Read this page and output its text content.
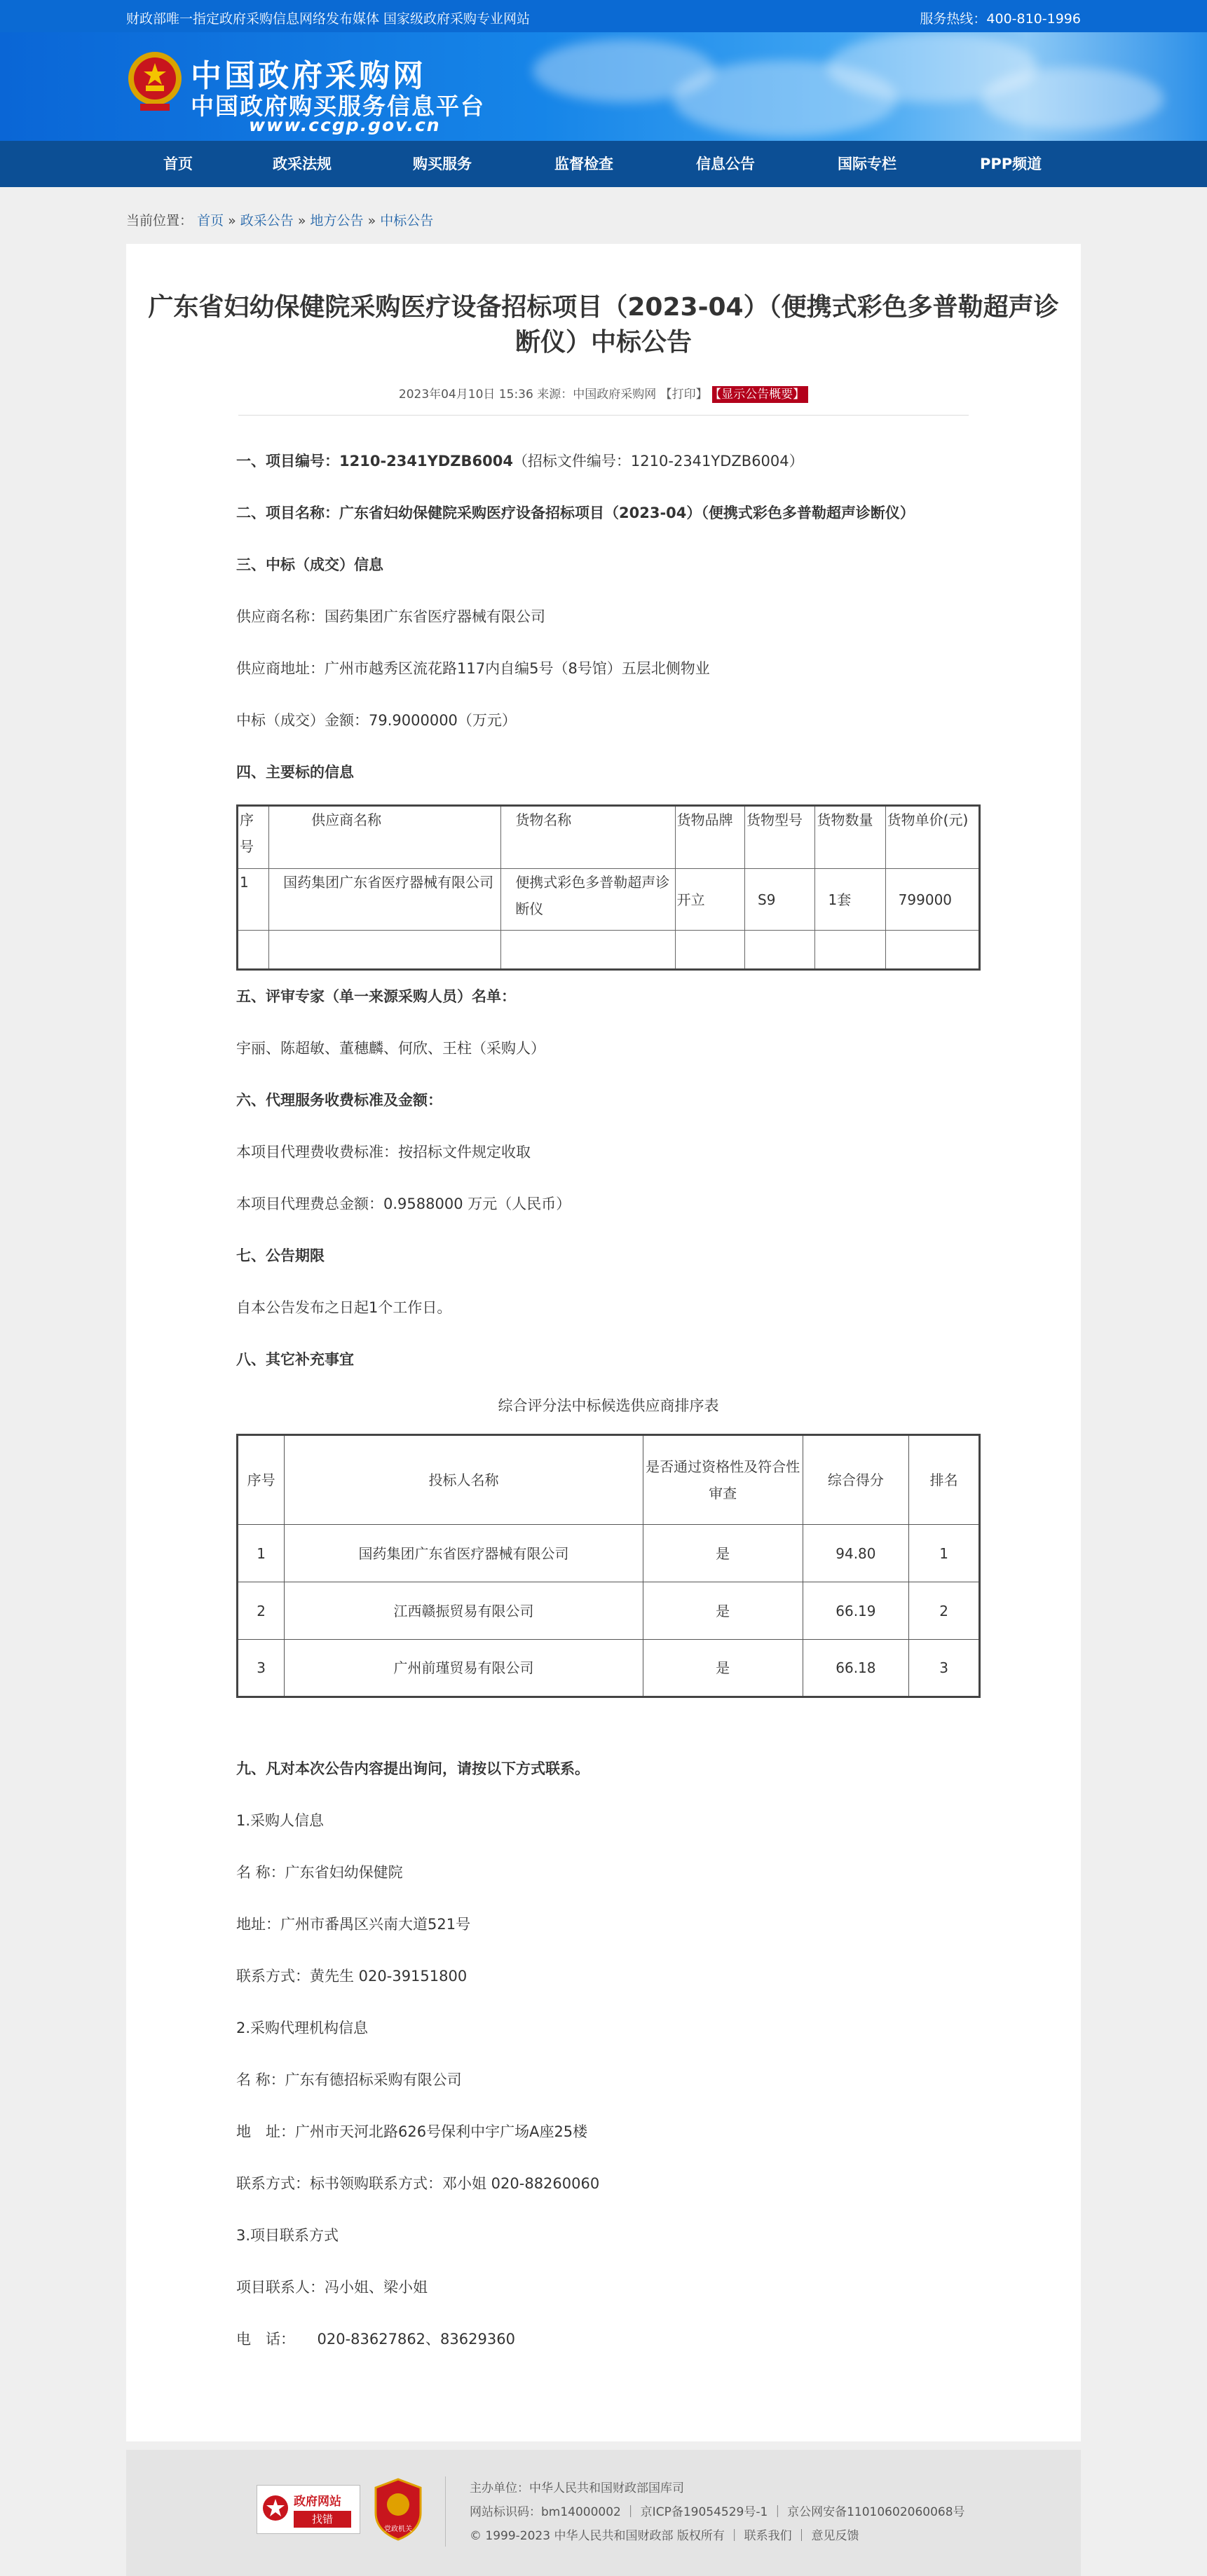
财政部唯一指定政府采购信息网络发布媒体 国家级政府采购专业网站	服务热线：400-810-1996
中国政府采购网
中国政府购买服务信息平台
www.ccgp.gov.cn
首页	政采法规	购买服务	监督检查	信息公告	国际专栏	PPP频道
当前位置： 首页 » 政采公告 » 地方公告 » 中标公告
广东省妇幼保健院采购医疗设备招标项目（2023-04）（便携式彩色多普勒超声诊
断仪）中标公告
2023年04月10日 15:36 来源：中国政府采购网 【打印】 【显示公告概要】
一、项目编号：1210-2341YDZB6004（招标文件编号：1210-2341YDZB6004）
二、项目名称：广东省妇幼保健院采购医疗设备招标项目（2023-04）（便携式彩色多普勒超声诊断仪）
三、中标（成交）信息
供应商名称：国药集团广东省医疗器械有限公司
供应商地址：广州市越秀区流花路117内自编5号（8号馆）五层北侧物业
中标（成交）金额：79.9000000（万元）
四、主要标的信息
序号	供应商名称	货物名称	货物品牌	货物型号	货物数量	货物单价(元)
1	国药集团广东省医疗器械有限公司	便携式彩色多普勒超声诊断仪	开立	S9	1套	799000

五、评审专家（单一来源采购人员）名单：
宇丽、陈超敏、董穗麟、何欣、王柱（采购人）
六、代理服务收费标准及金额：
本项目代理费收费标准：按招标文件规定收取
本项目代理费总金额：0.9588000 万元（人民币）
七、公告期限
自本公告发布之日起1个工作日。
八、其它补充事宜
综合评分法中标候选供应商排序表
序号	投标人名称	是否通过资格性及符合性审查	综合得分	排名
1	国药集团广东省医疗器械有限公司	是	94.80	1
2	江西赣振贸易有限公司	是	66.19	2
3	广州前瑾贸易有限公司	是	66.18	3
九、凡对本次公告内容提出询问，请按以下方式联系。
1.采购人信息
名 称：广东省妇幼保健院
地址：广州市番禺区兴南大道521号
联系方式：黄先生 020-39151800
2.采购代理机构信息
名 称：广东有德招标采购有限公司
地　址：广州市天河北路626号保利中宇广场A座25楼
联系方式：标书领购联系方式：邓小姐 020-88260060
3.项目联系方式
项目联系人：冯小姐、梁小姐
电　话：　　020-83627862、83629360
政府网站
找错
党政机关
主办单位：中华人民共和国财政部国库司
网站标识码：bm14000002 ｜ 京ICP备19054529号-1 ｜ 京公网安备11010602060068号
© 1999-2023 中华人民共和国财政部 版权所有 ｜ 联系我们 ｜ 意见反馈
